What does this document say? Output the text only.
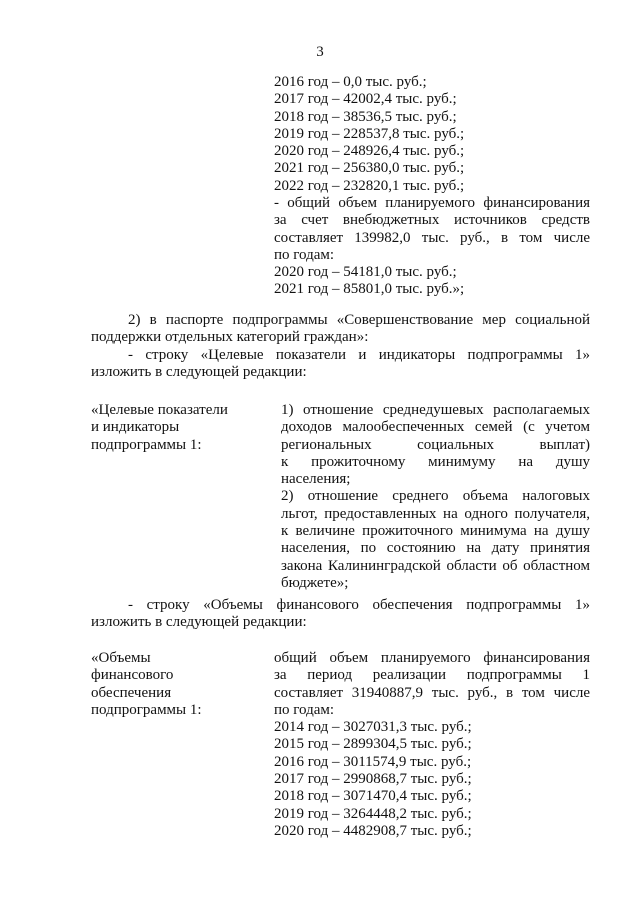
3
2016 год – 0,0 тыс. руб.;
2017 год – 42002,4 тыс. руб.;
2018 год – 38536,5 тыс. руб.;
2019 год – 228537,8 тыс. руб.;
2020 год – 248926,4 тыс. руб.;
2021 год – 256380,0 тыс. руб.;
2022 год – 232820,1 тыс. руб.;
- общий объем планируемого финансирования
за счет внебюджетных источников средств
составляет 139982,0 тыс. руб., в том числе
по годам:
2020 год – 54181,0 тыс. руб.;
2021 год – 85801,0 тыс. руб.»;
2) в паспорте подпрограммы «Совершенствование мер социальной
поддержки отдельных категорий граждан»:
- строку «Целевые показатели и индикаторы подпрограммы 1»
изложить в следующей редакции:
«Целевые показатели
и индикаторы
подпрограммы 1:
1) отношение среднедушевых располагаемых
доходов малообеспеченных семей (с учетом
региональных социальных выплат)
к прожиточному минимуму на душу
населения;
2) отношение среднего объема налоговых
льгот, предоставленных на одного получателя,
к величине прожиточного минимума на душу
населения, по состоянию на дату принятия
закона Калининградской области об областном
бюджете»;
- строку «Объемы финансового обеспечения подпрограммы 1»
изложить в следующей редакции:
«Объемы
финансового
обеспечения
подпрограммы 1:
общий объем планируемого финансирования
за период реализации подпрограммы 1
составляет 31940887,9 тыс. руб., в том числе
по годам:
2014 год – 3027031,3 тыс. руб.;
2015 год – 2899304,5 тыс. руб.;
2016 год – 3011574,9 тыс. руб.;
2017 год – 2990868,7 тыс. руб.;
2018 год – 3071470,4 тыс. руб.;
2019 год – 3264448,2 тыс. руб.;
2020 год – 4482908,7 тыс. руб.;
